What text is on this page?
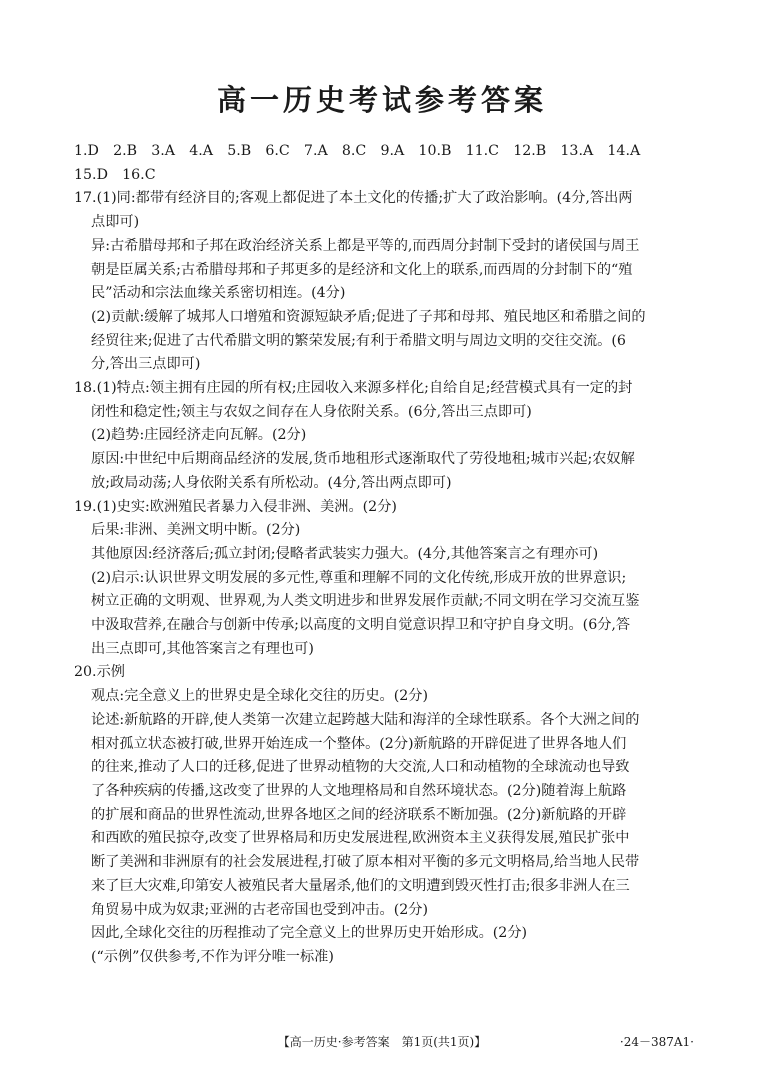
高一历史考试参考答案
1.D　2.B　3.A　4.A　5.B　6.C　7.A　8.C　9.A　10.B　11.C　12.B　13.A　14.A
15.D　16.C
17.(1)同:都带有经济目的;客观上都促进了本土文化的传播;扩大了政治影响。(4分,答出两
点即可)
异:古希腊母邦和子邦在政治经济关系上都是平等的,而西周分封制下受封的诸侯国与周王
朝是臣属关系;古希腊母邦和子邦更多的是经济和文化上的联系,而西周的分封制下的“殖
民”活动和宗法血缘关系密切相连。(4分)
(2)贡献:缓解了城邦人口增殖和资源短缺矛盾;促进了子邦和母邦、殖民地区和希腊之间的
经贸往来;促进了古代希腊文明的繁荣发展;有利于希腊文明与周边文明的交往交流。(6
分,答出三点即可)
18.(1)特点:领主拥有庄园的所有权;庄园收入来源多样化;自给自足;经营模式具有一定的封
闭性和稳定性;领主与农奴之间存在人身依附关系。(6分,答出三点即可)
(2)趋势:庄园经济走向瓦解。(2分)
原因:中世纪中后期商品经济的发展,货币地租形式逐渐取代了劳役地租;城市兴起;农奴解
放;政局动荡;人身依附关系有所松动。(4分,答出两点即可)
19.(1)史实:欧洲殖民者暴力入侵非洲、美洲。(2分)
后果:非洲、美洲文明中断。(2分)
其他原因:经济落后;孤立封闭;侵略者武装实力强大。(4分,其他答案言之有理亦可)
(2)启示:认识世界文明发展的多元性,尊重和理解不同的文化传统,形成开放的世界意识;
树立正确的文明观、世界观,为人类文明进步和世界发展作贡献;不同文明在学习交流互鉴
中汲取营养,在融合与创新中传承;以高度的文明自觉意识捍卫和守护自身文明。(6分,答
出三点即可,其他答案言之有理也可)
20.示例
观点:完全意义上的世界史是全球化交往的历史。(2分)
论述:新航路的开辟,使人类第一次建立起跨越大陆和海洋的全球性联系。各个大洲之间的
相对孤立状态被打破,世界开始连成一个整体。(2分)新航路的开辟促进了世界各地人们
的往来,推动了人口的迁移,促进了世界动植物的大交流,人口和动植物的全球流动也导致
了各种疾病的传播,这改变了世界的人文地理格局和自然环境状态。(2分)随着海上航路
的扩展和商品的世界性流动,世界各地区之间的经济联系不断加强。(2分)新航路的开辟
和西欧的殖民掠夺,改变了世界格局和历史发展进程,欧洲资本主义获得发展,殖民扩张中
断了美洲和非洲原有的社会发展进程,打破了原本相对平衡的多元文明格局,给当地人民带
来了巨大灾难,印第安人被殖民者大量屠杀,他们的文明遭到毁灭性打击;很多非洲人在三
角贸易中成为奴隶;亚洲的古老帝国也受到冲击。(2分)
因此,全球化交往的历程推动了完全意义上的世界历史开始形成。(2分)
(“示例”仅供参考,不作为评分唯一标准)
【高一历史·参考答案　第1页(共1页)】	·24－387A1·
